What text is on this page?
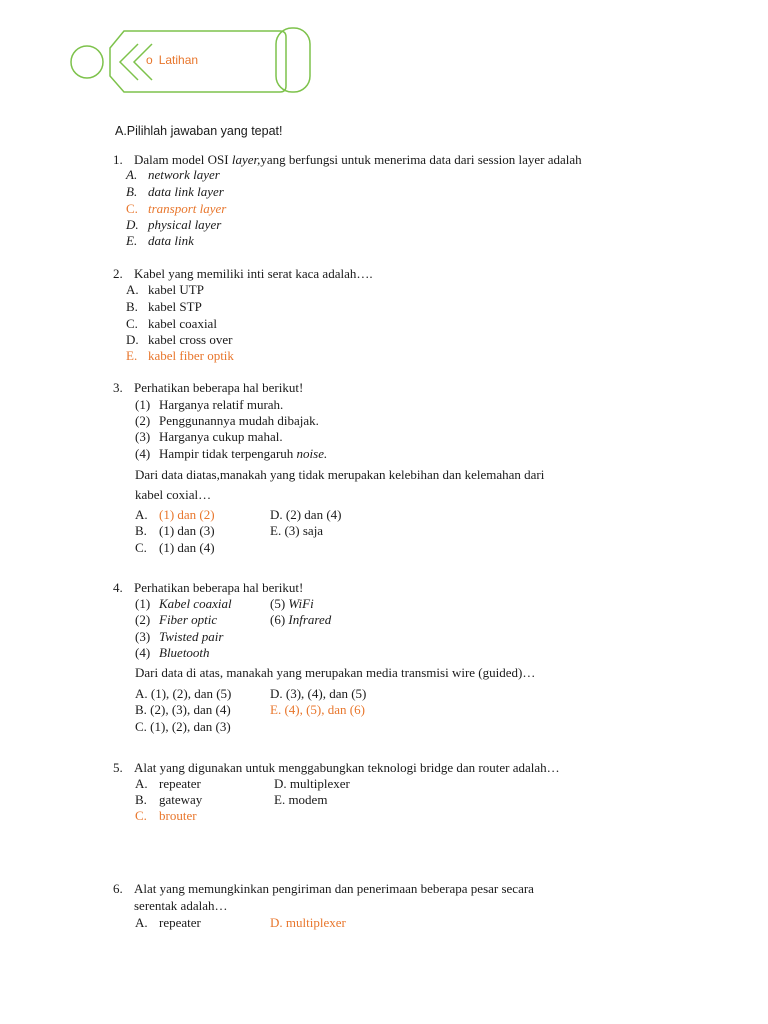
o Latihan
A.Pilihlah jawaban yang tepat!
1. Dalam model OSI layer,yang berfungsi untuk menerima data dari session layer adalah
A. network layer
B. data link layer
C. transport layer
D. physical layer
E. data link
2. Kabel yang memiliki inti serat kaca adalah….
A. kabel UTP
B. kabel STP
C. kabel coaxial
D. kabel cross over
E. kabel fiber optik
3. Perhatikan beberapa hal berikut!
(1) Harganya relatif murah.
(2) Penggunannya mudah dibajak.
(3) Harganya cukup mahal.
(4) Hampir tidak terpengaruh noise.
Dari data diatas,manakah yang tidak merupakan kelebihan dan kelemahan dari
kabel coxial…
A. (1) dan (2)
B. (1) dan (3)
C. (1) dan (4)
D. (2) dan (4)
E. (3) saja
4. Perhatikan beberapa hal berikut!
(1) Kabel coaxial
(2) Fiber optic
(3) Twisted pair
(4) Bluetooth
(5) WiFi
(6) Infrared
Dari data di atas, manakah yang merupakan media transmisi wire (guided)…
A. (1), (2), dan (5)
B. (2), (3), dan (4)
C. (1), (2), dan (3)
D. (3), (4), dan (5)
E. (4), (5), dan (6)
5. Alat yang digunakan untuk menggabungkan teknologi bridge dan router adalah…
A. repeater
B. gateway
C. brouter
D. multiplexer
E. modem
6. Alat yang memungkinkan pengiriman dan penerimaan beberapa pesar secara
serentak adalah…
A. repeater	D. multiplexer
